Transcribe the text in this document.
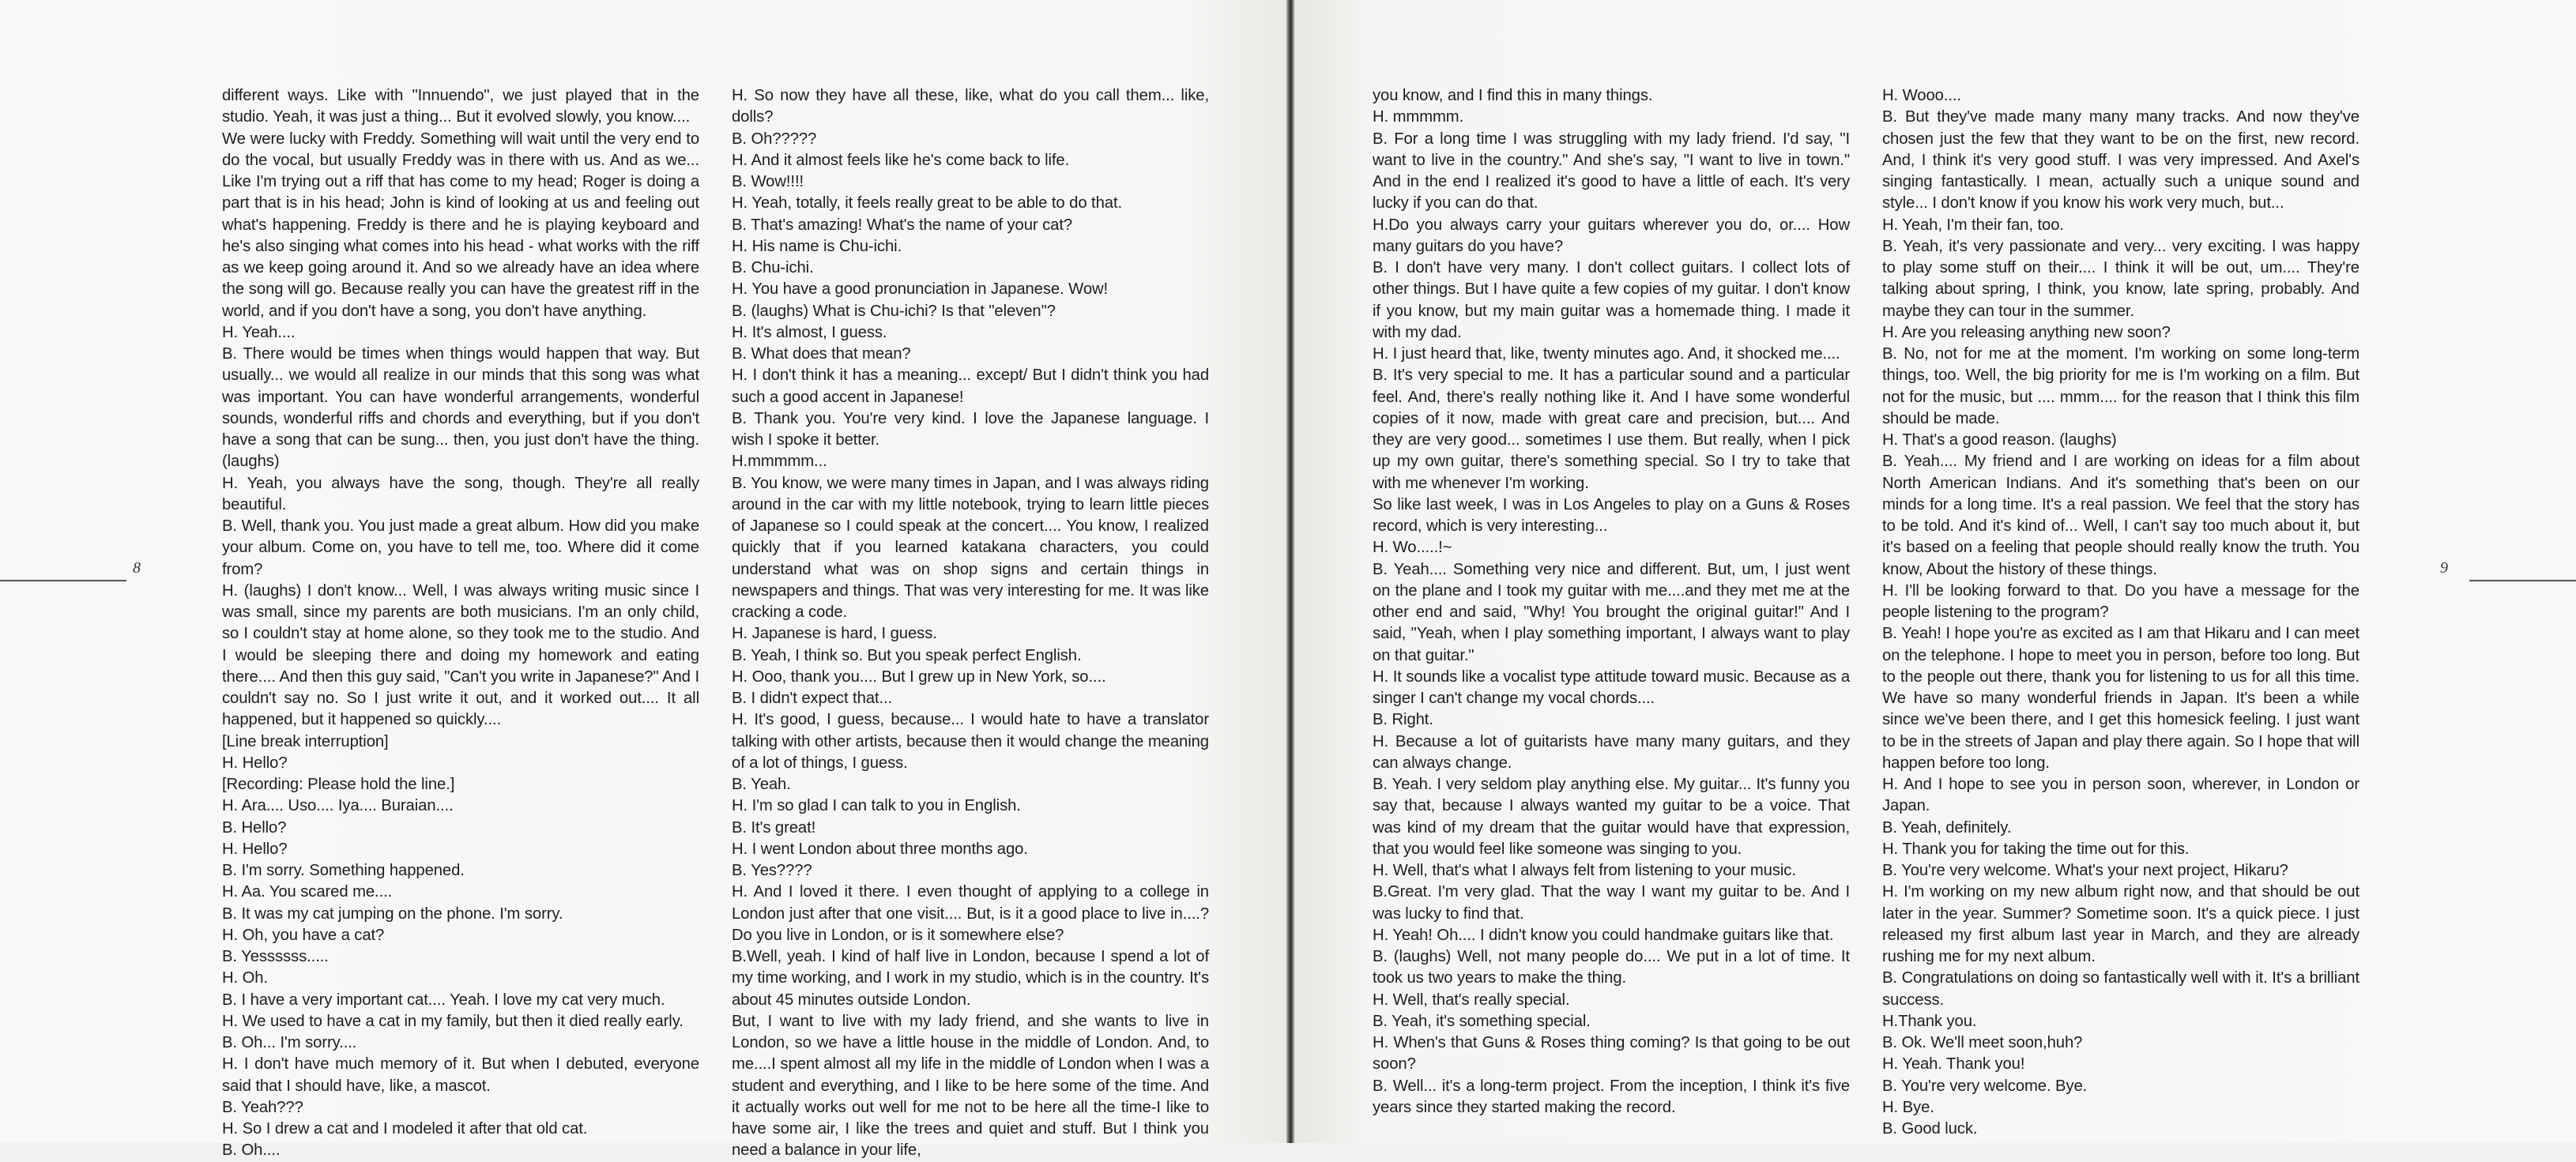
different ways. Like with "Innuendo", we just played that in the studio. Yeah, it was just a thing... But it evolved slowly, you know....

We were lucky with Freddy. Something will wait until the very end to do the vocal, but usually Freddy was in there with us. And as we... Like I'm trying out a riff that has come to my head; Roger is doing a part that is in his head; John is kind of looking at us and feeling out what's happening. Freddy is there and he is playing keyboard and he's also singing what comes into his head - what works with the riff as we keep going around it. And so we already have an idea where the song will go. Because really you can have the greatest riff in the world, and if you don't have a song, you don't have anything.

H. Yeah....

B. There would be times when things would happen that way. But usually... we would all realize in our minds that this song was what was important. You can have wonderful arrangements, wonderful sounds, wonderful riffs and chords and everything, but if you don't have a song that can be sung... then, you just don't have the thing. (laughs)

H. Yeah, you always have the song, though. They're all really beautiful.

B. Well, thank you. You just made a great album. How did you make your album. Come on, you have to tell me, too. Where did it come from?

H. (laughs) I don't know... Well, I was always writing music since I was small, since my parents are both musicians. I'm an only child, so I couldn't stay at home alone, so they took me to the studio. And I would be sleeping there and doing my homework and eating there.... And then this guy said, "Can't you write in Japanese?" And I couldn't say no. So I just write it out, and it worked out.... It all happened, but it happened so quickly....

[Line break interruption]

H. Hello?

[Recording: Please hold the line.]

H. Ara.... Uso.... Iya.... Buraian....

B. Hello?

H. Hello?

B. I'm sorry. Something happened.

H. Aa. You scared me....

B. It was my cat jumping on the phone. I'm sorry.

H. Oh, you have a cat?

B. Yessssss.....

H. Oh.

B. I have a very important cat.... Yeah. I love my cat very much.

H. We used to have a cat in my family, but then it died really early.

B. Oh... I'm sorry....

H. I don't have much memory of it. But when I debuted, everyone said that I should have, like, a mascot.

B. Yeah???

H. So I drew a cat and I modeled it after that old cat.

B. Oh....

H. So now they have all these, like, what do you call them... like, dolls?

B. Oh?????

H. And it almost feels like he's come back to life.

B. Wow!!!!

H. Yeah, totally, it feels really great to be able to do that.

B. That's amazing! What's the name of your cat?

H. His name is Chu-ichi.

B. Chu-ichi.

H. You have a good pronunciation in Japanese. Wow!

B. (laughs) What is Chu-ichi? Is that "eleven"?

H. It's almost, I guess.

B. What does that mean?

H. I don't think it has a meaning... except/ But I didn't think you had such a good accent in Japanese!

B. Thank you. You're very kind. I love the Japanese language. I wish I spoke it better.

H.mmmmm...

B. You know, we were many times in Japan, and I was always riding around in the car with my little notebook, trying to learn little pieces of Japanese so I could speak at the concert.... You know, I realized quickly that if you learned katakana characters, you could understand what was on shop signs and certain things in newspapers and things. That was very interesting for me. It was like cracking a code.

H. Japanese is hard, I guess.

B. Yeah, I think so. But you speak perfect English.

H. Ooo, thank you.... But I grew up in New York, so....

B. I didn't expect that...

H. It's good, I guess, because... I would hate to have a translator talking with other artists, because then it would change the meaning of a lot of things, I guess.

B. Yeah.

H. I'm so glad I can talk to you in English.

B. It's great!

H. I went London about three months ago.

B. Yes????

H. And I loved it there. I even thought of applying to a college in London just after that one visit.... But, is it a good place to live in....? Do you live in London, or is it somewhere else?

B.Well, yeah. I kind of half live in London, because I spend a lot of my time working, and I work in my studio, which is in the country. It's about 45 minutes outside London.

But, I want to live with my lady friend, and she wants to live in London, so we have a little house in the middle of London. And, to me....I spent almost all my life in the middle of London when I was a student and everything, and I like to be here some of the time. And it actually works out well for me not to be here all the time-I like to have some air, I like the trees and quiet and stuff. But I think you need a balance in your life,

8

you know, and I find this in many things.

H. mmmmm.

B. For a long time I was struggling with my lady friend. I'd say, "I want to live in the country." And she's say, "I want to live in town." And in the end I realized it's good to have a little of each. It's very lucky if you can do that.

H.Do you always carry your guitars wherever you do, or.... How many guitars do you have?

B. I don't have very many. I don't collect guitars. I collect lots of other things. But I have quite a few copies of my guitar. I don't know if you know, but my main guitar was a homemade thing. I made it with my dad.

H. I just heard that, like, twenty minutes ago. And, it shocked me....

B. It's very special to me. It has a particular sound and a particular feel. And, there's really nothing like it. And I have some wonderful copies of it now, made with great care and precision, but.... And they are very good... sometimes I use them. But really, when I pick up my own guitar, there's something special. So I try to take that with me whenever I'm working.

So like last week, I was in Los Angeles to play on a Guns & Roses record, which is very interesting...

H. Wo.....!~

B. Yeah.... Something very nice and different. But, um, I just went on the plane and I took my guitar with me....and they met me at the other end and said, "Why! You brought the original guitar!" And I said, "Yeah, when I play something important, I always want to play on that guitar."

H. It sounds like a vocalist type attitude toward music. Because as a singer I can't change my vocal chords....

B. Right.

H. Because a lot of guitarists have many many guitars, and they can always change.

B. Yeah. I very seldom play anything else. My guitar... It's funny you say that, because I always wanted my guitar to be a voice. That was kind of my dream that the guitar would have that expression, that you would feel like someone was singing to you.

H. Well, that's what I always felt from listening to your music.

B.Great. I'm very glad. That the way I want my guitar to be. And I was lucky to find that.

H. Yeah! Oh.... I didn't know you could handmake guitars like that.

B. (laughs) Well, not many people do.... We put in a lot of time. It took us two years to make the thing.

H. Well, that's really special.

B. Yeah, it's something special.

H. When's that Guns & Roses thing coming? Is that going to be out soon?

B. Well... it's a long-term project. From the inception, I think it's five years since they started making the record.

H. Wooo....

B. But they've made many many many tracks. And now they've chosen just the few that they want to be on the first, new record. And, I think it's very good stuff. I was very impressed. And Axel's singing fantastically. I mean, actually such a unique sound and style... I don't know if you know his work very much, but...

H. Yeah, I'm their fan, too.

B. Yeah, it's very passionate and very... very exciting. I was happy to play some stuff on their.... I think it will be out, um.... They're talking about spring, I think, you know, late spring, probably. And maybe they can tour in the summer.

H. Are you releasing anything new soon?

B. No, not for me at the moment. I'm working on some long-term things, too. Well, the big priority for me is I'm working on a film. But not for the music, but .... mmm.... for the reason that I think this film should be made.

H. That's a good reason. (laughs)

B. Yeah.... My friend and I are working on ideas for a film about North American Indians. And it's something that's been on our minds for a long time. It's a real passion. We feel that the story has to be told. And it's kind of... Well, I can't say too much about it, but it's based on a feeling that people should really know the truth. You know, About the history of these things.

H. I'll be looking forward to that. Do you have a message for the people listening to the program?

B. Yeah! I hope you're as excited as I am that Hikaru and I can meet on the telephone. I hope to meet you in person, before too long. But to the people out there, thank you for listening to us for all this time. We have so many wonderful friends in Japan. It's been a while since we've been there, and I get this homesick feeling. I just want to be in the streets of Japan and play there again. So I hope that will happen before too long.

H. And I hope to see you in person soon, wherever, in London or Japan.

B. Yeah, definitely.

H. Thank you for taking the time out for this.

B. You're very welcome. What's your next project, Hikaru?

H. I'm working on my new album right now, and that should be out later in the year. Summer? Sometime soon. It's a quick piece. I just released my first album last year in March, and they are already rushing me for my next album.

B. Congratulations on doing so fantastically well with it. It's a brilliant success.

H.Thank you.

B. Ok. We'll meet soon,huh?

H. Yeah. Thank you!

B. You're very welcome. Bye.

H. Bye.

B. Good luck.

9
